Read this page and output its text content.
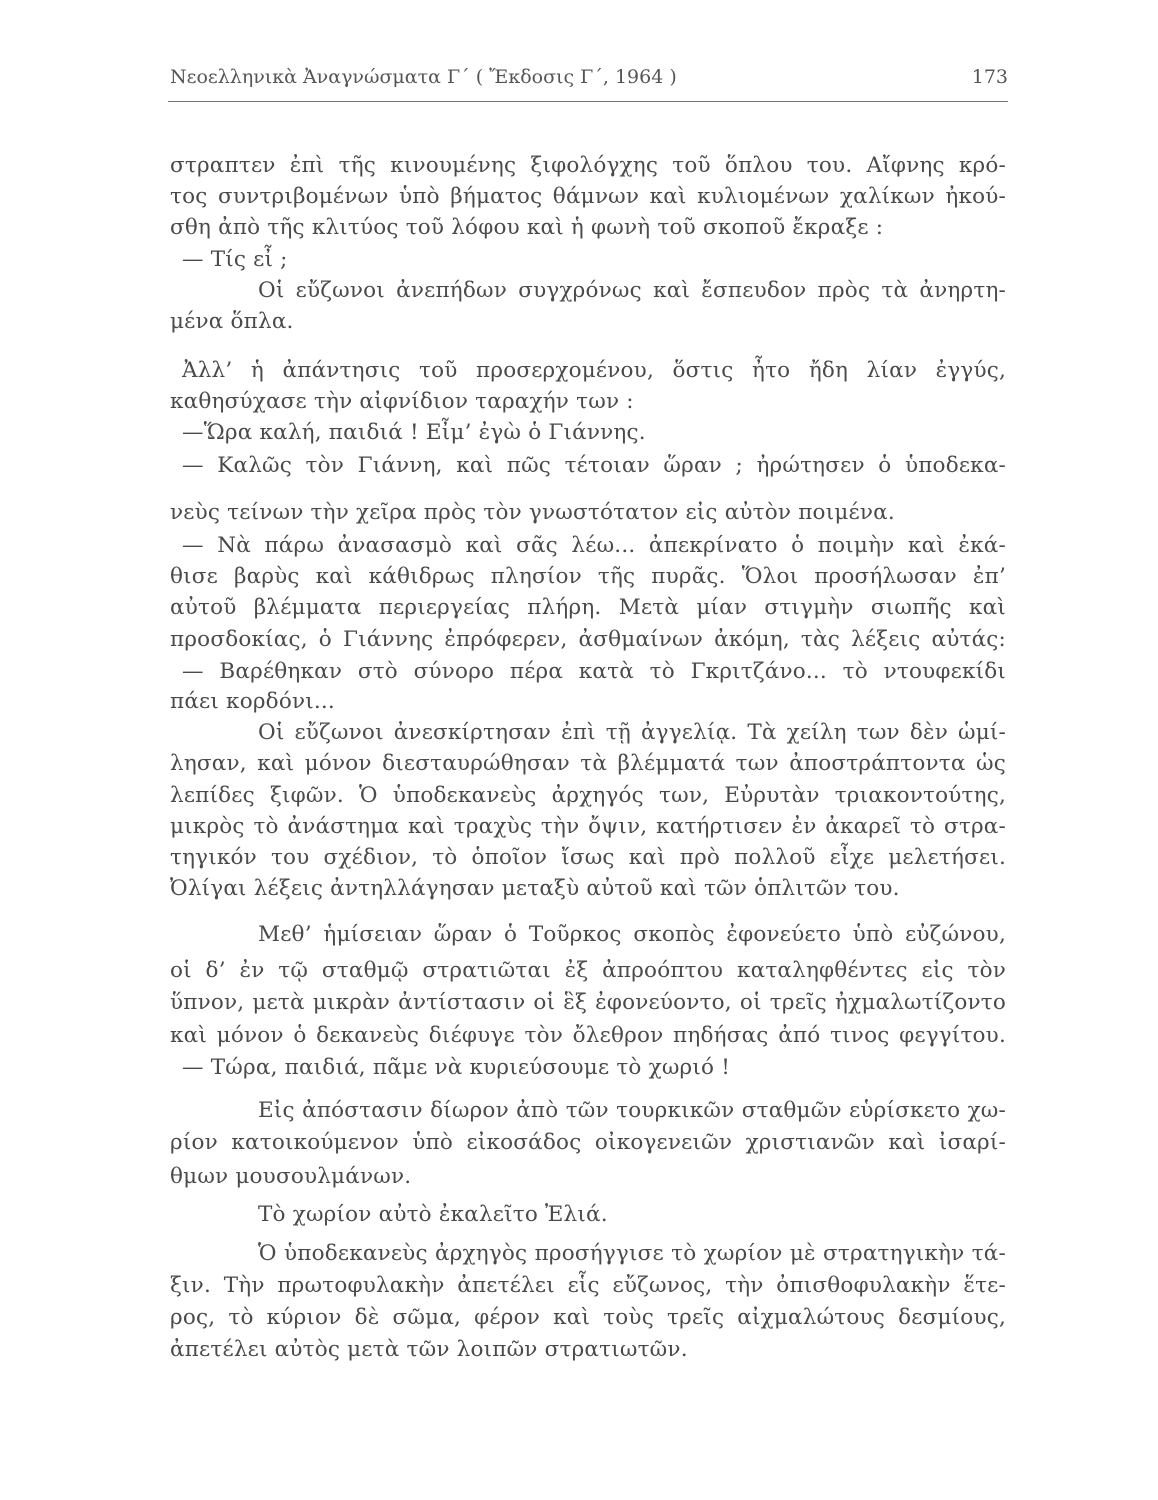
Νεοελληνικὰ Ἀναγνώσματα Γ΄ ( Ἔκδοσις Γ΄, 1964 )	173
στραπτεν ἐπὶ τῆς κινουμένης ξιφολόγχης τοῦ ὅπλου του. Αἴφνης κρό-
τος συντριβομένων ὑπὸ βήματος θάμνων καὶ κυλιομένων χαλίκων ἠκού-
σθη ἀπὸ τῆς κλιτύος τοῦ λόφου καὶ ἡ φωνὴ τοῦ σκοποῦ ἔκραξε :
— Τίς εἶ ;
Οἱ εὔζωνοι ἀνεπήδων συγχρόνως καὶ ἔσπευδον πρὸς τὰ ἀνηρτη-
μένα ὅπλα.
Ἀλλ’ ἡ ἀπάντησις τοῦ προσερχομένου, ὅστις ἦτο ἤδη λίαν ἐγγύς,
καθησύχασε τὴν αἰφνίδιον ταραχήν των :
—Ὥρα καλή, παιδιά ! Εἶμ’ ἐγὼ ὁ Γιάννης.
— Καλῶς τὸν Γιάννη, καὶ πῶς τέτοιαν ὥραν ; ἠρώτησεν ὁ ὑποδεκα-
νεὺς τείνων τὴν χεῖρα πρὸς τὸν γνωστότατον εἰς αὐτὸν ποιμένα.
— Νὰ πάρω ἀνασασμὸ καὶ σᾶς λέω... ἀπεκρίνατο ὁ ποιμὴν καὶ ἐκά-
θισε βαρὺς καὶ κάθιδρως πλησίον τῆς πυρᾶς. Ὅλοι προσήλωσαν ἐπ’
αὐτοῦ βλέμματα περιεργείας πλήρη. Μετὰ μίαν στιγμὴν σιωπῆς καὶ
προσδοκίας, ὁ Γιάννης ἐπρόφερεν, ἀσθμαίνων ἀκόμη, τὰς λέξεις αὐτάς:
— Βαρέθηκαν στὸ σύνορο πέρα κατὰ τὸ Γκριτζάνο... τὸ ντουφεκίδι
πάει κορδόνι...
Οἱ εὔζωνοι ἀνεσκίρτησαν ἐπὶ τῇ ἀγγελίᾳ. Τὰ χείλη των δὲν ὡμί-
λησαν, καὶ μόνον διεσταυρώθησαν τὰ βλέμματά των ἀποστράπτοντα ὡς
λεπίδες ξιφῶν. Ὁ ὑποδεκανεὺς ἀρχηγός των, Εὐρυτὰν τριακοντούτης,
μικρὸς τὸ ἀνάστημα καὶ τραχὺς τὴν ὄψιν, κατήρτισεν ἐν ἀκαρεῖ τὸ στρα-
τηγικόν του σχέδιον, τὸ ὁποῖον ἴσως καὶ πρὸ πολλοῦ εἶχε μελετήσει.
Ὀλίγαι λέξεις ἀντηλλάγησαν μεταξὺ αὐτοῦ καὶ τῶν ὁπλιτῶν του.
Μεθ’ ἡμίσειαν ὥραν ὁ Τοῦρκος σκοπὸς ἐφονεύετο ὑπὸ εὐζώνου,
οἱ δ’ ἐν τῷ σταθμῷ στρατιῶται ἐξ ἀπροόπτου καταληφθέντες εἰς τὸν
ὕπνον, μετὰ μικρὰν ἀντίστασιν οἱ ἓξ ἐφονεύοντο, οἱ τρεῖς ἠχμαλωτίζοντο
καὶ μόνον ὁ δεκανεὺς διέφυγε τὸν ὄλεθρον πηδήσας ἀπό τινος φεγγίτου.
— Τώρα, παιδιά, πᾶμε νὰ κυριεύσουμε τὸ χωριό !
Εἰς ἀπόστασιν δίωρον ἀπὸ τῶν τουρκικῶν σταθμῶν εὑρίσκετο χω-
ρίον κατοικούμενον ὑπὸ εἰκοσάδος οἰκογενειῶν χριστιανῶν καὶ ἰσαρί-
θμων μουσουλμάνων.
Τὸ χωρίον αὐτὸ ἐκαλεῖτο Ἐλιά.
Ὁ ὑποδεκανεὺς ἀρχηγὸς προσήγγισε τὸ χωρίον μὲ στρατηγικὴν τά-
ξιν. Τὴν πρωτοφυλακὴν ἀπετέλει εἷς εὔζωνος, τὴν ὀπισθοφυλακὴν ἕτε-
ρος, τὸ κύριον δὲ σῶμα, φέρον καὶ τοὺς τρεῖς αἰχμαλώτους δεσμίους,
ἀπετέλει αὐτὸς μετὰ τῶν λοιπῶν στρατιωτῶν.
